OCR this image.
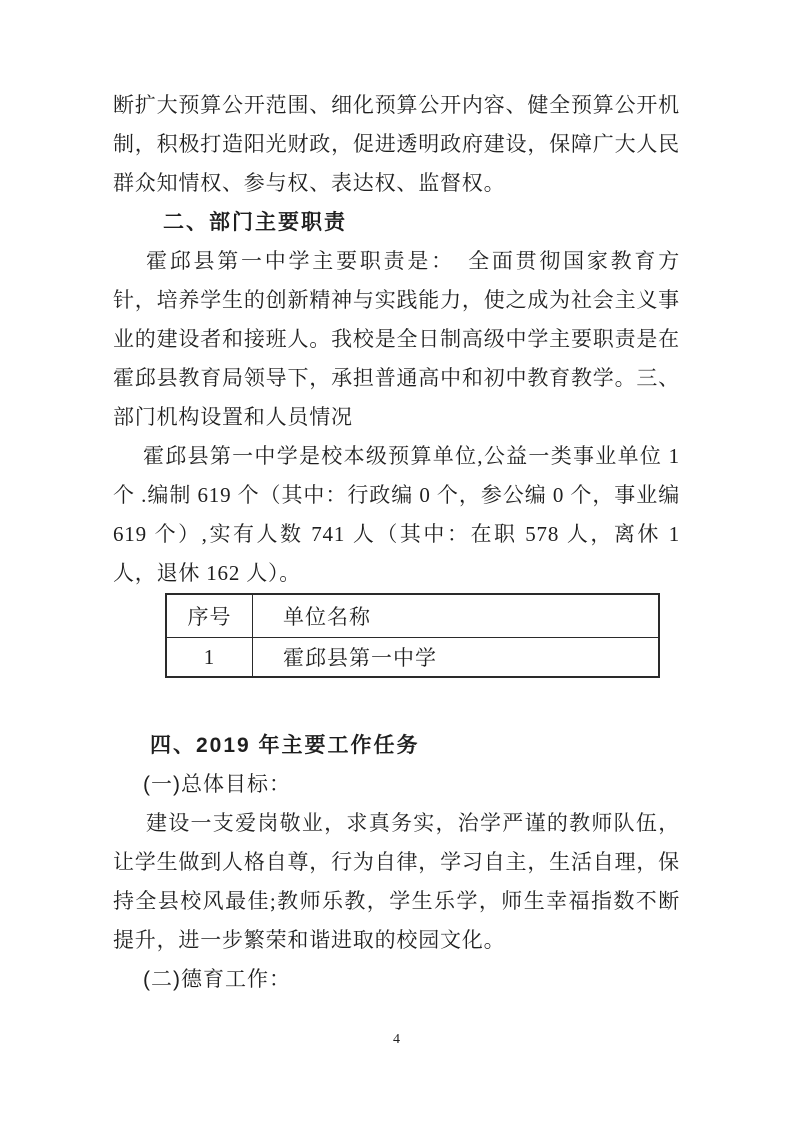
断扩大预算公开范围、细化预算公开内容、健全预算公开机制，积极打造阳光财政，促进透明政府建设，保障广大人民群众知情权、参与权、表达权、监督权。

二、部门主要职责

霍邱县第一中学主要职责是：　全面贯彻国家教育方针，培养学生的创新精神与实践能力，使之成为社会主义事业的建设者和接班人。我校是全日制高级中学主要职责是在霍邱县教育局领导下，承担普通高中和初中教育教学。三、部门机构设置和人员情况

霍邱县第一中学是校本级预算单位,公益一类事业单位 1 个 .编制 619 个（其中：行政编 0 个，参公编 0 个，事业编 619 个）,实有人数 741 人（其中：在职 578 人，离休 1 人，退休 162 人）。

序号	单位名称
1	霍邱县第一中学
四、2019 年主要工作任务

(一)总体目标：

建设一支爱岗敬业，求真务实，治学严谨的教师队伍，让学生做到人格自尊，行为自律，学习自主，生活自理，保持全县校风最佳;教师乐教，学生乐学，师生幸福指数不断提升，进一步繁荣和谐进取的校园文化。

(二)德育工作：

4
